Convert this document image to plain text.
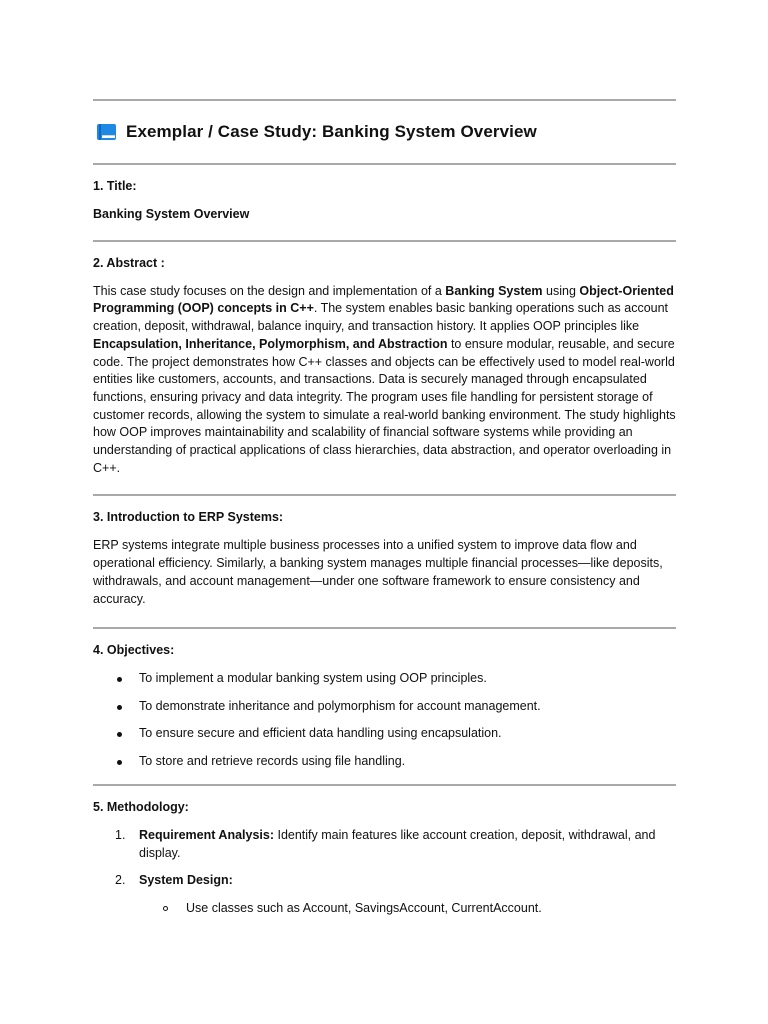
Exemplar / Case Study: Banking System Overview

1. Title:

Banking System Overview

2. Abstract :

This case study focuses on the design and implementation of a Banking System using Object-Oriented Programming (OOP) concepts in C++. The system enables basic banking operations such as account creation, deposit, withdrawal, balance inquiry, and transaction history. It applies OOP principles like Encapsulation, Inheritance, Polymorphism, and Abstraction to ensure modular, reusable, and secure code. The project demonstrates how C++ classes and objects can be effectively used to model real-world entities like customers, accounts, and transactions. Data is securely managed through encapsulated functions, ensuring privacy and data integrity. The program uses file handling for persistent storage of customer records, allowing the system to simulate a real-world banking environment. The study highlights how OOP improves maintainability and scalability of financial software systems while providing an understanding of practical applications of class hierarchies, data abstraction, and operator overloading in C++.

3. Introduction to ERP Systems:

ERP systems integrate multiple business processes into a unified system to improve data flow and operational efficiency. Similarly, a banking system manages multiple financial processes—like deposits, withdrawals, and account management—under one software framework to ensure consistency and accuracy.

4. Objectives:

To implement a modular banking system using OOP principles.
To demonstrate inheritance and polymorphism for account management.
To ensure secure and efficient data handling using encapsulation.
To store and retrieve records using file handling.

5. Methodology:

1. Requirement Analysis: Identify main features like account creation, deposit, withdrawal, and display.
2. System Design:
Use classes such as Account, SavingsAccount, CurrentAccount.
